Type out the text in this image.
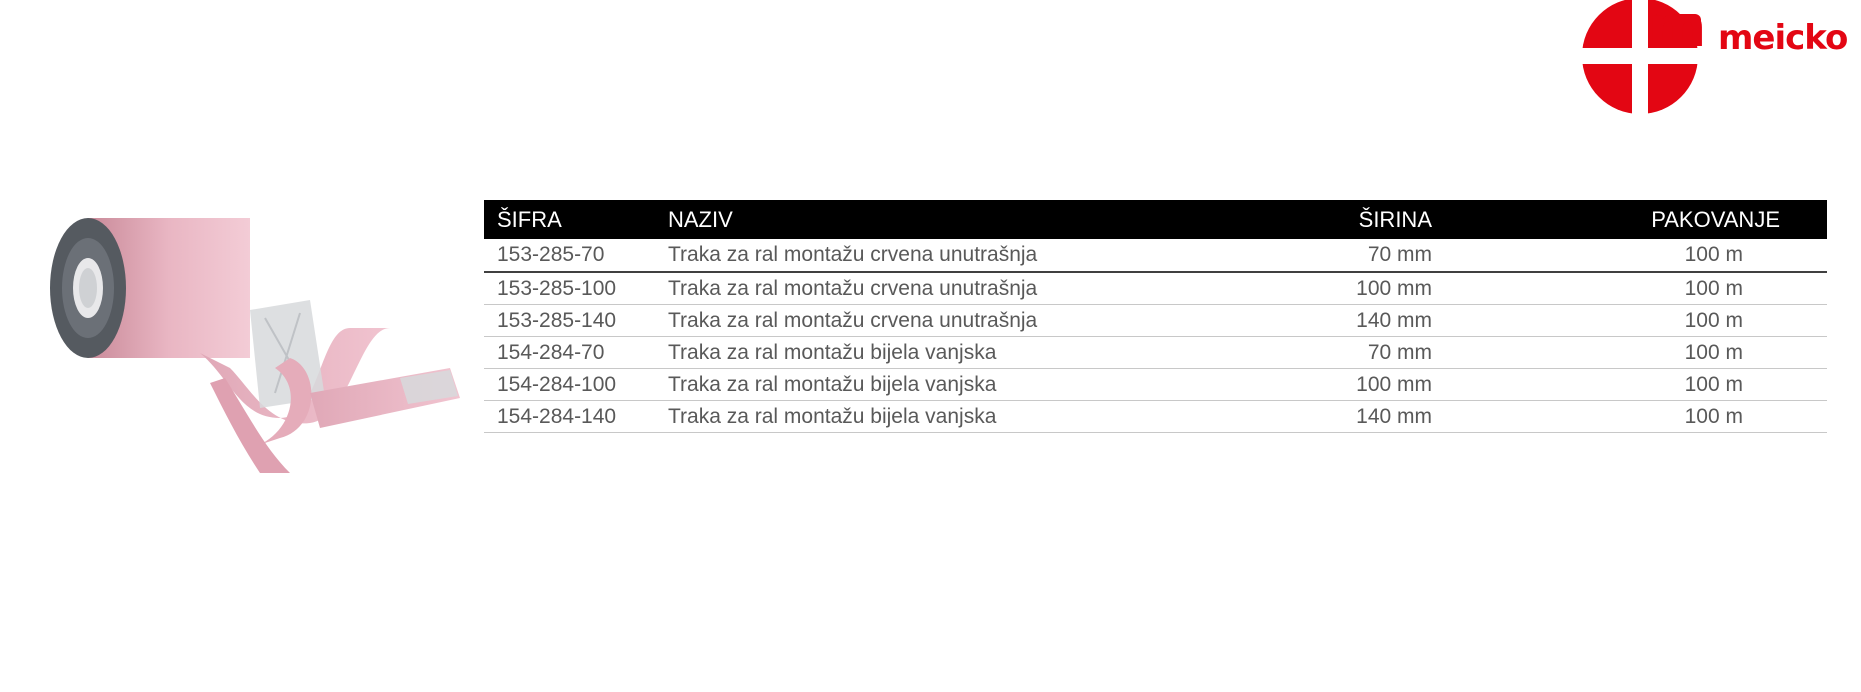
m meicko
ŠIFRA	NAZIV	ŠIRINA	PAKOVANJE
153-285-70	Traka za ral montažu crvena unutrašnja	70 mm	100 m
153-285-100	Traka za ral montažu crvena unutrašnja	100 mm	100 m
153-285-140	Traka za ral montažu crvena unutrašnja	140 mm	100 m
154-284-70	Traka za ral montažu bijela vanjska	70 mm	100 m
154-284-100	Traka za ral montažu bijela vanjska	100 mm	100 m
154-284-140	Traka za ral montažu bijela vanjska	140 mm	100 m
